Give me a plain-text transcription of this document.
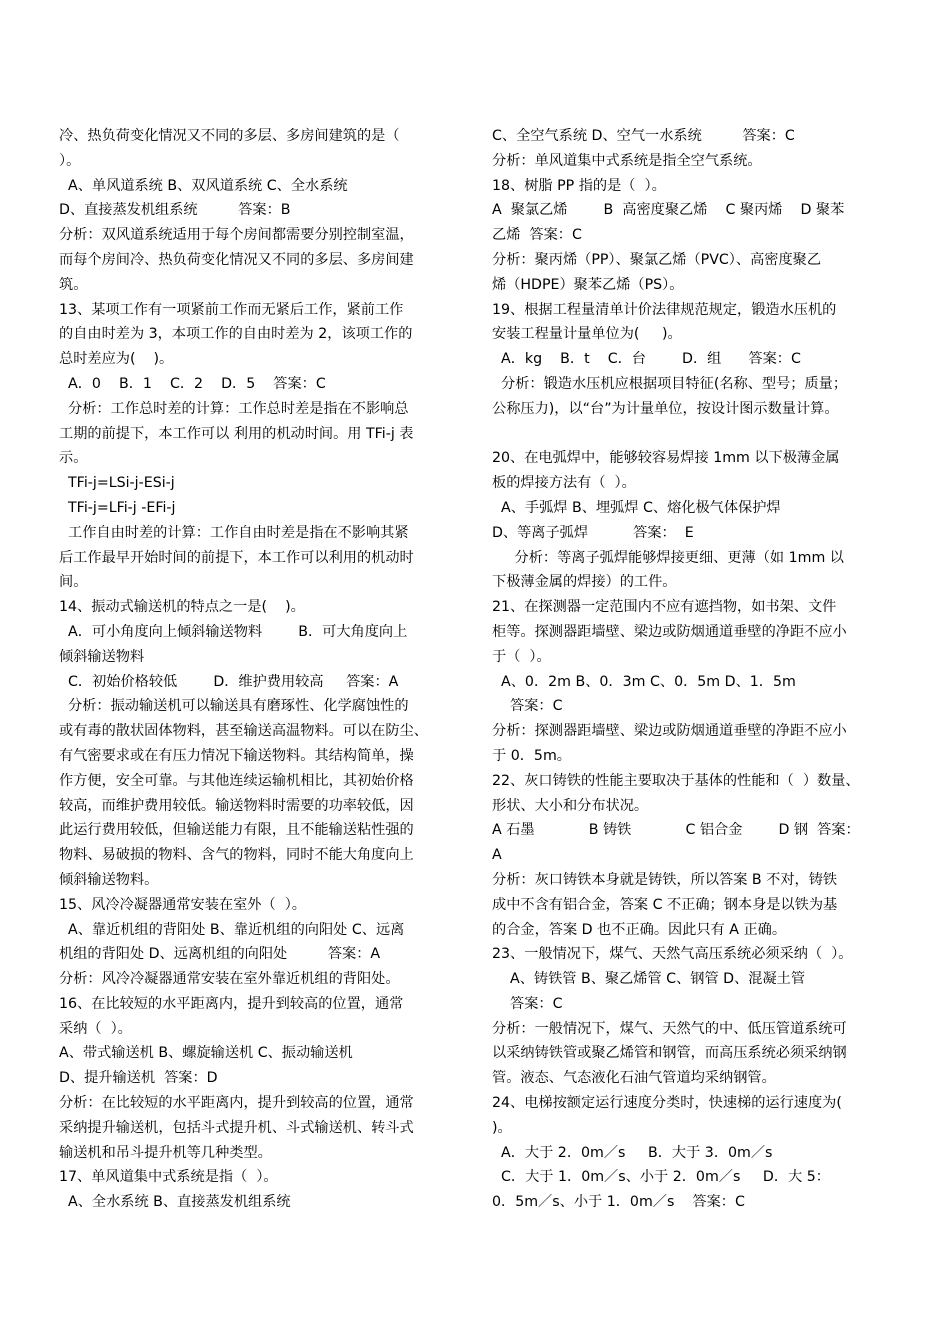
冷、热负荷变化情况又不同的多层、多房间建筑的是（
）。
A、单风道系统 B、双风道系统 C、全水系统
D、直接蒸发机组系统         答案：B
分析：双风道系统适用于每个房间都需要分别控制室温，
而每个房间冷、热负荷变化情况又不同的多层、多房间建
筑。
13、某项工作有一项紧前工作而无紧后工作，紧前工作
的自由时差为 3，本项工作的自由时差为 2，该项工作的
总时差应为(    )。
A．0    B．1    C．2    D．5    答案：C
分析：工作总时差的计算：工作总时差是指在不影响总
工期的前提下，本工作可以 利用的机动时间。用 TFi-j 表
示。
TFi-j=LSi-j-ESi-j
TFi-j=LFi-j -EFi-j
工作自由时差的计算：工作自由时差是指在不影响其紧
后工作最早开始时间的前提下，本工作可以利用的机动时
间。
14、振动式输送机的特点之一是(    )。
A．可小角度向上倾斜输送物料        B．可大角度向上
倾斜输送物料
C．初始价格较低        D．维护费用较高     答案：A
分析：振动输送机可以输送具有磨琢性、化学腐蚀性的
或有毒的散状固体物料，甚至输送高温物料。可以在防尘、
有气密要求或在有压力情况下输送物料。其结构简单，操
作方便，安全可靠。与其他连续运输机相比，其初始价格
较高，而维护费用较低。输送物料时需要的功率较低，因
此运行费用较低，但输送能力有限，且不能输送粘性强的
物料、易破损的物料、含气的物料，同时不能大角度向上
倾斜输送物料。
15、风冷冷凝器通常安装在室外（  ）。
A、靠近机组的背阳处 B、靠近机组的向阳处 C、远离
机组的背阳处 D、远离机组的向阳处         答案：A
分析：风冷冷凝器通常安装在室外靠近机组的背阳处。
16、在比较短的水平距离内，提升到较高的位置，通常
采纳（  ）。
A、带式输送机 B、螺旋输送机 C、振动输送机
D、提升输送机  答案：D
分析：在比较短的水平距离内，提升到较高的位置，通常
采纳提升输送机，包括斗式提升机、斗式输送机、转斗式
输送机和吊斗提升机等几种类型。
17、单风道集中式系统是指（  ）。
A、全水系统 B、直接蒸发机组系统
C、全空气系统 D、空气一水系统         答案：C
分析：单风道集中式系统是指全空气系统。
18、树脂 PP 指的是（  ）。
A  聚氯乙烯        B  高密度聚乙烯    C 聚丙烯    D 聚苯
乙烯  答案：C
分析：聚丙烯（PP）、聚氯乙烯（PVC）、高密度聚乙
烯（HDPE）聚苯乙烯（PS）。
19、根据工程量清单计价法律规范规定，锻造水压机的
安装工程量计量单位为(     )。
A．kg    B．t    C．台        D．组      答案：C
分析：锻造水压机应根据项目特征(名称、型号；质量；
公称压力)，以“台”为计量单位，按设计图示数量计算。
20、在电弧焊中，能够较容易焊接 1mm 以下极薄金属
板的焊接方法有（  ）。
A、手弧焊 B、埋弧焊 C、熔化极气体保护焊
D、等离子弧焊          答案：  E
分析：等离子弧焊能够焊接更细、更薄（如 1mm 以
下极薄金属的焊接）的工件。
21、在探测器一定范围内不应有遮挡物，如书架、文件
柜等。探测器距墙壁、梁边或防烟通道垂壁的净距不应小
于（  ）。
A、0．2m B、0．3m C、0．5m D、1．5m
答案：C
分析：探测器距墙壁、梁边或防烟通道垂壁的净距不应小
于 0．5m。
22、灰口铸铁的性能主要取决于基体的性能和（  ）数量、
形状、大小和分布状况。
A 石墨            B 铸铁            C 铝合金        D 钢  答案：
A
分析：灰口铸铁本身就是铸铁，所以答案 B 不对，铸铁
成中不含有铝合金，答案 C 不正确；钢本身是以铁为基
的合金，答案 D 也不正确。因此只有 A 正确。
23、一般情况下，煤气、天然气高压系统必须采纳（  ）。
A、铸铁管 B、聚乙烯管 C、钢管 D、混凝土管
答案：C
分析：一般情况下，煤气、天然气的中、低压管道系统可
以采纳铸铁管或聚乙烯管和钢管，而高压系统必须采纳钢
管。液态、气态液化石油气管道均采纳钢管。
24、电梯按额定运行速度分类时，快速梯的运行速度为(
)。
A．大于 2．0m／s     B．大于 3．0m／s
C．大于 1．0m／s、小于 2．0m／s     D．大 5：
0．5m／s、小于 1．0m／s    答案：C
